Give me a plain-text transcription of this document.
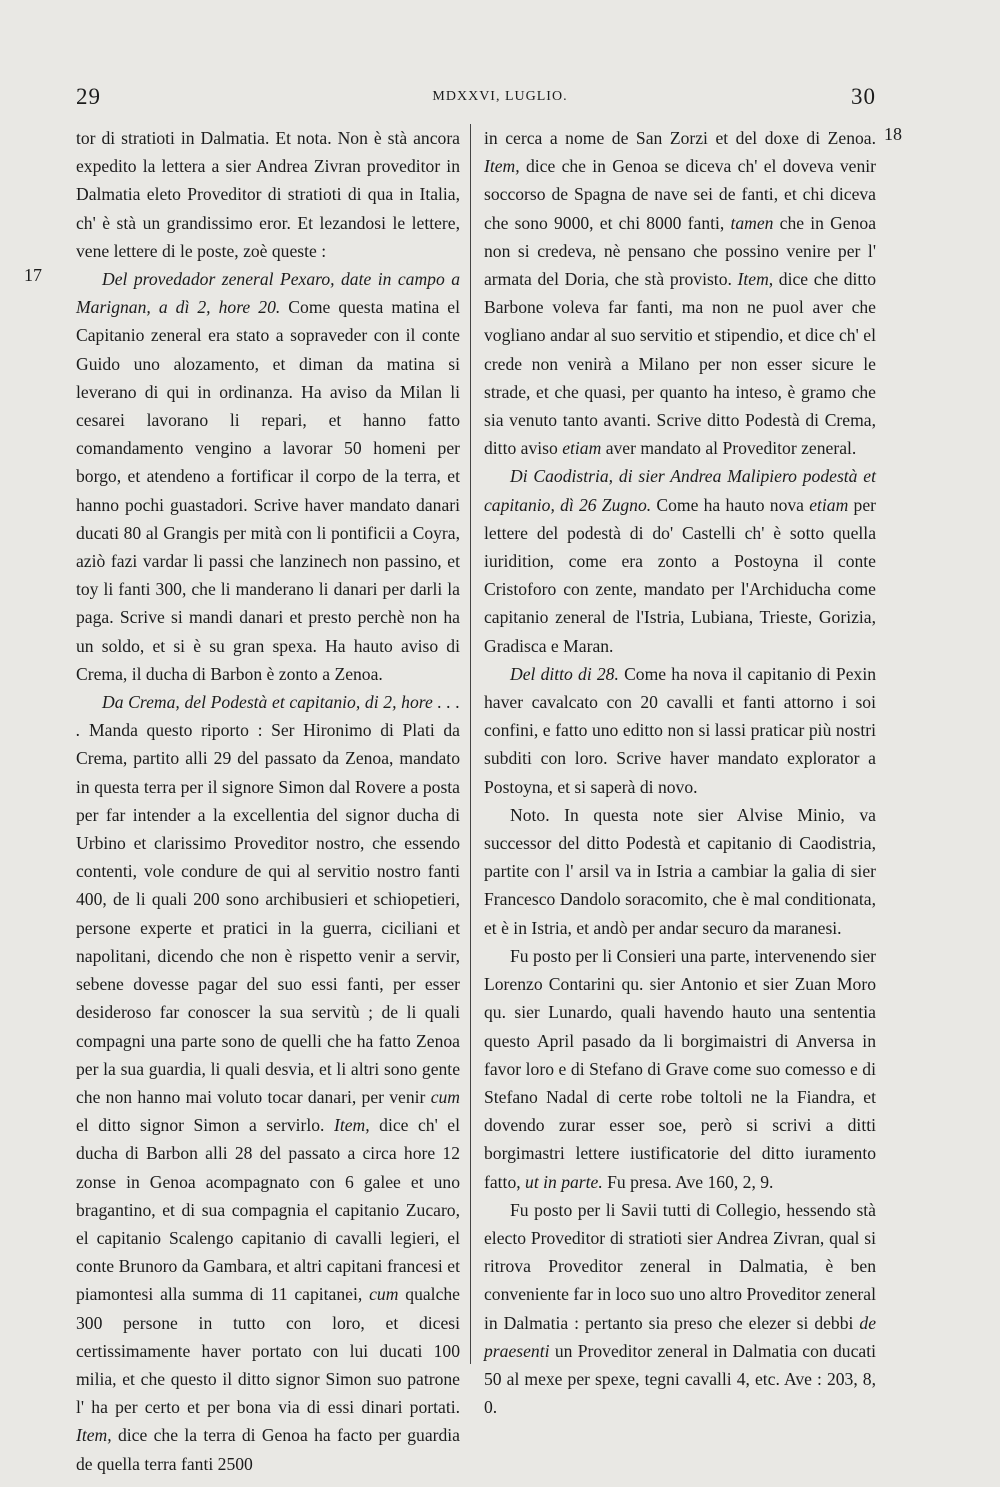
29	MDXXVI, LUGLIO.	30
17
18

tor di stratioti in Dalmatia. Et nota. Non è stà ancora expedito la lettera a sier Andrea Zivran proveditor in Dalmatia eleto Proveditor di stratioti di qua in Italia, ch' è stà un grandissimo eror. Et lezandosi le lettere, vene lettere di le poste, zoè queste :

Del provedador zeneral Pexaro, date in campo a Marignan, a dì 2, hore 20. Come questa matina el Capitanio zeneral era stato a sopraveder con il conte Guido uno alozamento, et diman da matina si leverano di qui in ordinanza. Ha aviso da Milan li cesarei lavorano li repari, et hanno fatto comandamento vengino a lavorar 50 homeni per borgo, et atendeno a fortificar il corpo de la terra, et hanno pochi guastadori. Scrive haver mandato danari ducati 80 al Grangis per mità con li pontificii a Coyra, aziò fazi vardar li passi che lanzinech non passino, et toy li fanti 300, che li manderano li danari per darli la paga. Scrive si mandi danari et presto perchè non ha un soldo, et si è su gran spexa. Ha hauto aviso di Crema, il ducha di Barbon è zonto a Zenoa.

Da Crema, del Podestà et capitanio, di 2, hore . . . . Manda questo riporto : Ser Hironimo di Plati da Crema, partito alli 29 del passato da Zenoa, mandato in questa terra per il signore Simon dal Rovere a posta per far intender a la excellentia del signor ducha di Urbino et clarissimo Proveditor nostro, che essendo contenti, vole condure de qui al servitio nostro fanti 400, de li quali 200 sono archibusieri et schiopetieri, persone experte et pratici in la guerra, ciciliani et napolitani, dicendo che non è rispetto venir a servir, sebene dovesse pagar del suo essi fanti, per esser desideroso far conoscer la sua servitù ; de li quali compagni una parte sono de quelli che ha fatto Zenoa per la sua guardia, li quali desvia, et li altri sono gente che non hanno mai voluto tocar danari, per venir cum el ditto signor Simon a servirlo. Item, dice ch' el ducha di Barbon alli 28 del passato a circa hore 12 zonse in Genoa acompagnato con 6 galee et uno bragantino, et di sua compagnia el capitanio Zucaro, el capitanio Scalengo capitanio di cavalli legieri, el conte Brunoro da Gambara, et altri capitani francesi et piamontesi alla summa di 11 capitanei, cum qualche 300 persone in tutto con loro, et dicesi certissimamente haver portato con lui ducati 100 milia, et che questo il ditto signor Simon suo patrone l' ha per certo et per bona via di essi dinari portati. Item, dice che la terra di Genoa ha facto per guardia de quella terra fanti 2500

in cerca a nome de San Zorzi et del doxe di Zenoa. Item, dice che in Genoa se diceva ch' el doveva venir soccorso de Spagna de nave sei de fanti, et chi diceva che sono 9000, et chi 8000 fanti, tamen che in Genoa non si credeva, nè pensano che possino venire per l' armata del Doria, che stà provisto. Item, dice che ditto Barbone voleva far fanti, ma non ne puol aver che vogliano andar al suo servitio et stipendio, et dice ch' el crede non venirà a Milano per non esser sicure le strade, et che quasi, per quanto ha inteso, è gramo che sia venuto tanto avanti. Scrive ditto Podestà di Crema, ditto aviso etiam aver mandato al Proveditor zeneral.

Di Caodistria, di sier Andrea Malipiero podestà et capitanio, dì 26 Zugno. Come ha hauto nova etiam per lettere del podestà di do' Castelli ch' è sotto quella iuridition, come era zonto a Postoyna il conte Cristoforo con zente, mandato per l'Archiducha come capitanio zeneral de l'Istria, Lubiana, Trieste, Gorizia, Gradisca e Maran.

Del ditto di 28. Come ha nova il capitanio di Pexin haver cavalcato con 20 cavalli et fanti attorno i soi confini, e fatto uno editto non si lassi praticar più nostri subditi con loro. Scrive haver mandato explorator a Postoyna, et si saperà di novo.

Noto. In questa note sier Alvise Minio, va successor del ditto Podestà et capitanio di Caodistria, partite con l' arsil va in Istria a cambiar la galia di sier Francesco Dandolo soracomito, che è mal conditionata, et è in Istria, et andò per andar securo da maranesi.

Fu posto per li Consieri una parte, intervenendo sier Lorenzo Contarini qu. sier Antonio et sier Zuan Moro qu. sier Lunardo, quali havendo hauto una sententia questo April pasado da li borgimaistri di Anversa in favor loro e di Stefano di Grave come suo comesso e di Stefano Nadal di certe robe toltoli ne la Fiandra, et dovendo zurar esser soe, però si scrivi a ditti borgimastri lettere iustificatorie del ditto iuramento fatto, ut in parte. Fu presa. Ave 160, 2, 9.

Fu posto per li Savii tutti di Collegio, hessendo stà electo Proveditor di stratioti sier Andrea Zivran, qual si ritrova Proveditor zeneral in Dalmatia, è ben conveniente far in loco suo uno altro Proveditor zeneral in Dalmatia : pertanto sia preso che elezer si debbi de praesenti un Proveditor zeneral in Dalmatia con ducati 50 al mexe per spexe, tegni cavalli 4, etc. Ave : 203, 8, 0.
